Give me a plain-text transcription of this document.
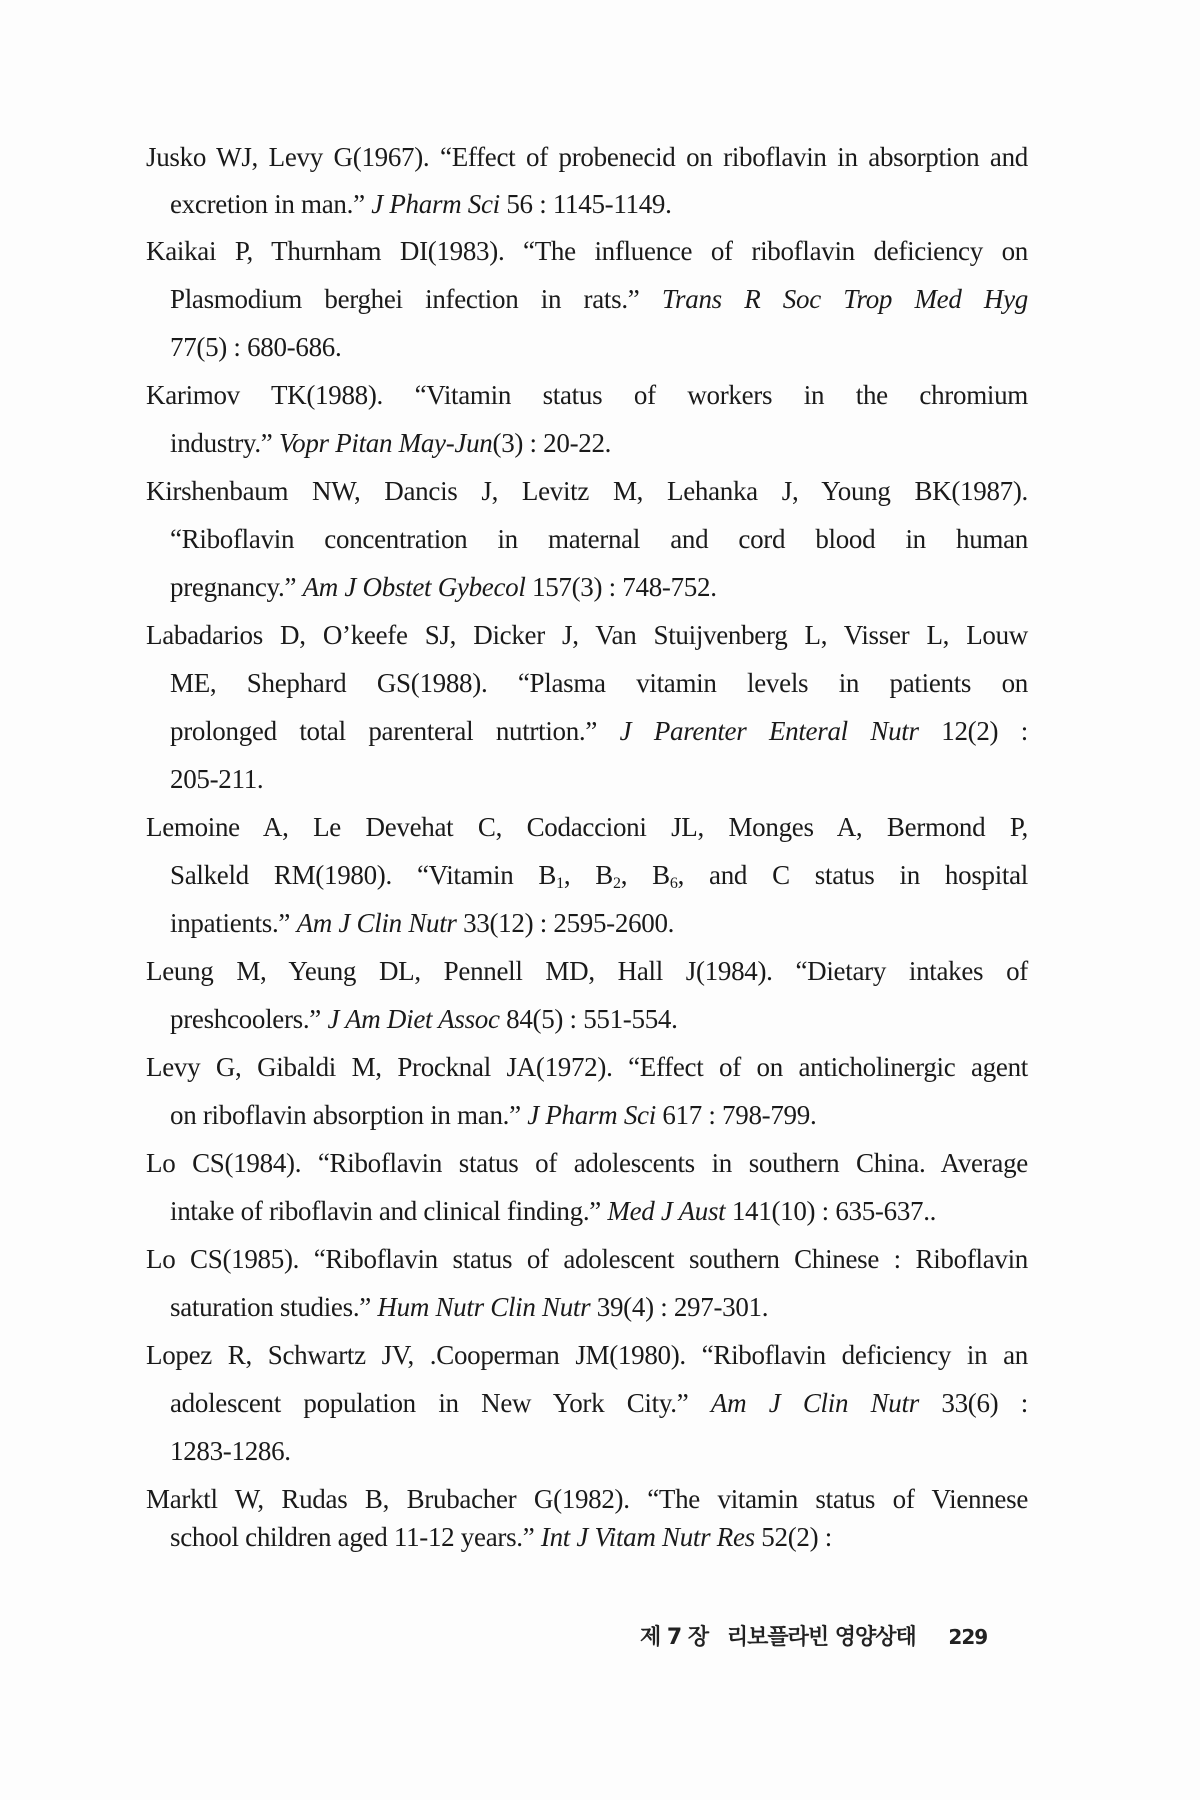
Jusko WJ, Levy G(1967). “Effect of probenecid on riboflavin in absorption and
excretion in man.” J Pharm Sci 56 : 1145-1149.
Kaikai P, Thurnham DI(1983). “The influence of riboflavin deficiency on
Plasmodium berghei infection in rats.” Trans R Soc Trop Med Hyg
77(5) : 680-686.
Karimov TK(1988). “Vitamin status of workers in the chromium
industry.” Vopr Pitan May-Jun(3) : 20-22.
Kirshenbaum NW, Dancis J, Levitz M, Lehanka J, Young BK(1987).
“Riboflavin concentration in maternal and cord blood in human
pregnancy.” Am J Obstet Gybecol 157(3) : 748-752.
Labadarios D, O’keefe SJ, Dicker J, Van Stuijvenberg L, Visser L, Louw
ME, Shephard GS(1988). “Plasma vitamin levels in patients on
prolonged total parenteral nutrtion.” J Parenter Enteral Nutr 12(2) :
205-211.
Lemoine A, Le Devehat C, Codaccioni JL, Monges A, Bermond P,
Salkeld RM(1980). “Vitamin $B_1$, $B_2$, $B_6$, and C status in hospital
inpatients.” Am J Clin Nutr 33(12) : 2595-2600.
Leung M, Yeung DL, Pennell MD, Hall J(1984). “Dietary intakes of
preshcoolers.” J Am Diet Assoc 84(5) : 551-554.
Levy G, Gibaldi M, Procknal JA(1972). “Effect of on anticholinergic agent
on riboflavin absorption in man.” J Pharm Sci 617 : 798-799.
Lo CS(1984). “Riboflavin status of adolescents in southern China. Average
intake of riboflavin and clinical finding.” Med J Aust 141(10) : 635-637..
Lo CS(1985). “Riboflavin status of adolescent southern Chinese : Riboflavin
saturation studies.” Hum Nutr Clin Nutr 39(4) : 297-301.
Lopez R, Schwartz JV, .Cooperman JM(1980). “Riboflavin deficiency in an
adolescent population in New York City.” Am J Clin Nutr 33(6) :
1283-1286.
Marktl W, Rudas B, Brubacher G(1982). “The vitamin status of Viennese
school children aged 11-12 years.” Int J Vitam Nutr Res 52(2) :
제 7 장 리보플라빈 영양상태 229
